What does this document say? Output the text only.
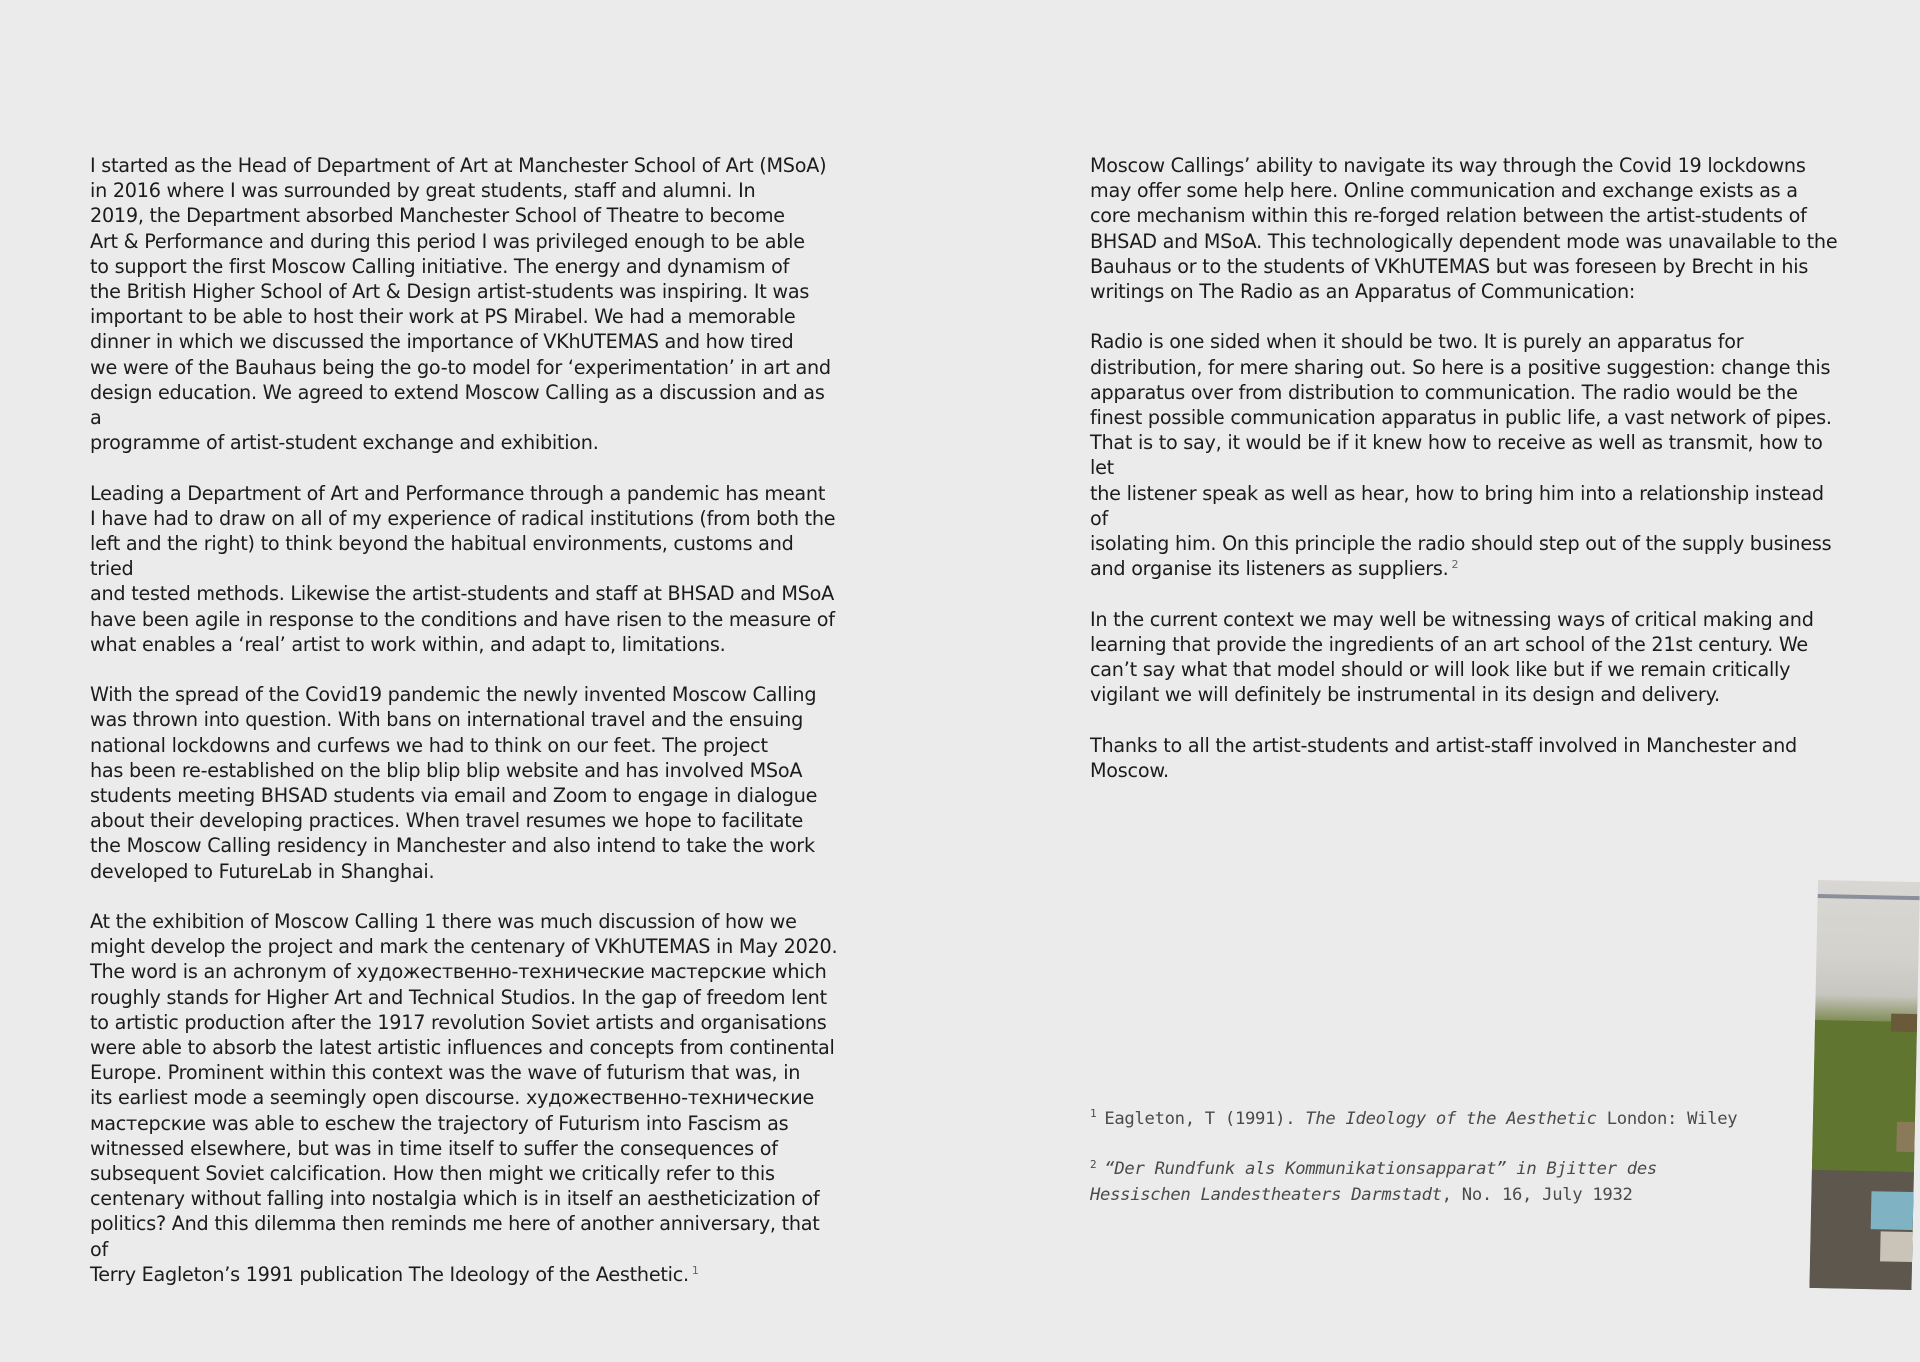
I started as the Head of Department of Art at Manchester School of Art (MSoA)
in 2016 where I was surrounded by great students, staff and alumni. In
2019, the Department absorbed Manchester School of Theatre to become
Art & Performance and during this period I was privileged enough to be able
to support the first Moscow Calling initiative. The energy and dynamism of
the British Higher School of Art & Design artist-students was inspiring. It was
important to be able to host their work at PS Mirabel. We had a memorable
dinner in which we discussed the importance of VKhUTEMAS and how tired
we were of the Bauhaus being the go-to model for ‘experimentation’ in art and
design education. We agreed to extend Moscow Calling as a discussion and as a
programme of artist-student exchange and exhibition.

Leading a Department of Art and Performance through a pandemic has meant
I have had to draw on all of my experience of radical institutions (from both the
left and the right) to think beyond the habitual environments, customs and tried
and tested methods. Likewise the artist-students and staff at BHSAD and MSoA
have been agile in response to the conditions and have risen to the measure of
what enables a ‘real’ artist to work within, and adapt to, limitations.

With the spread of the Covid19 pandemic the newly invented Moscow Calling
was thrown into question. With bans on international travel and the ensuing
national lockdowns and curfews we had to think on our feet. The project
has been re-established on the blip blip blip website and has involved MSoA
students meeting BHSAD students via email and Zoom to engage in dialogue
about their developing practices. When travel resumes we hope to facilitate
the Moscow Calling residency in Manchester and also intend to take the work
developed to FutureLab in Shanghai.

At the exhibition of Moscow Calling 1 there was much discussion of how we
might develop the project and mark the centenary of VKhUTEMAS in May 2020.
The word is an achronym of художественно-технические мастерские which
roughly stands for Higher Art and Technical Studios. In the gap of freedom lent
to artistic production after the 1917 revolution Soviet artists and organisations
were able to absorb the latest artistic influences and concepts from continental
Europe. Prominent within this context was the wave of futurism that was, in
its earliest mode a seemingly open discourse. художественно-технические
мастерские was able to eschew the trajectory of Futurism into Fascism as
witnessed elsewhere, but was in time itself to suffer the consequences of
subsequent Soviet calcification. How then might we critically refer to this
centenary without falling into nostalgia which is in itself an aestheticization of
politics? And this dilemma then reminds me here of another anniversary, that of
Terry Eagleton’s 1991 publication The Ideology of the Aesthetic. $^1$

Moscow Callings’ ability to navigate its way through the Covid 19 lockdowns
may offer some help here. Online communication and exchange exists as a
core mechanism within this re-forged relation between the artist-students of
BHSAD and MSoA. This technologically dependent mode was unavailable to the
Bauhaus or to the students of VKhUTEMAS but was foreseen by Brecht in his
writings on The Radio as an Apparatus of Communication:

Radio is one sided when it should be two. It is purely an apparatus for
distribution, for mere sharing out. So here is a positive suggestion: change this
apparatus over from distribution to communication. The radio would be the
finest possible communication apparatus in public life, a vast network of pipes.
That is to say, it would be if it knew how to receive as well as transmit, how to let
the listener speak as well as hear, how to bring him into a relationship instead of
isolating him. On this principle the radio should step out of the supply business
and organise its listeners as suppliers. $^2$

In the current context we may well be witnessing ways of critical making and
learning that provide the ingredients of an art school of the 21st century. We
can’t say what that model should or will look like but if we remain critically
vigilant we will definitely be instrumental in its design and delivery.

Thanks to all the artist-students and artist-staff involved in Manchester and
Moscow.

$^1$ Eagleton, T (1991). The Ideology of the Aesthetic London: Wiley

$^2$ “Der Rundfunk als Kommunikationsapparat” in Bjitter des
Hessischen Landestheaters Darmstadt, No. 16, July 1932
